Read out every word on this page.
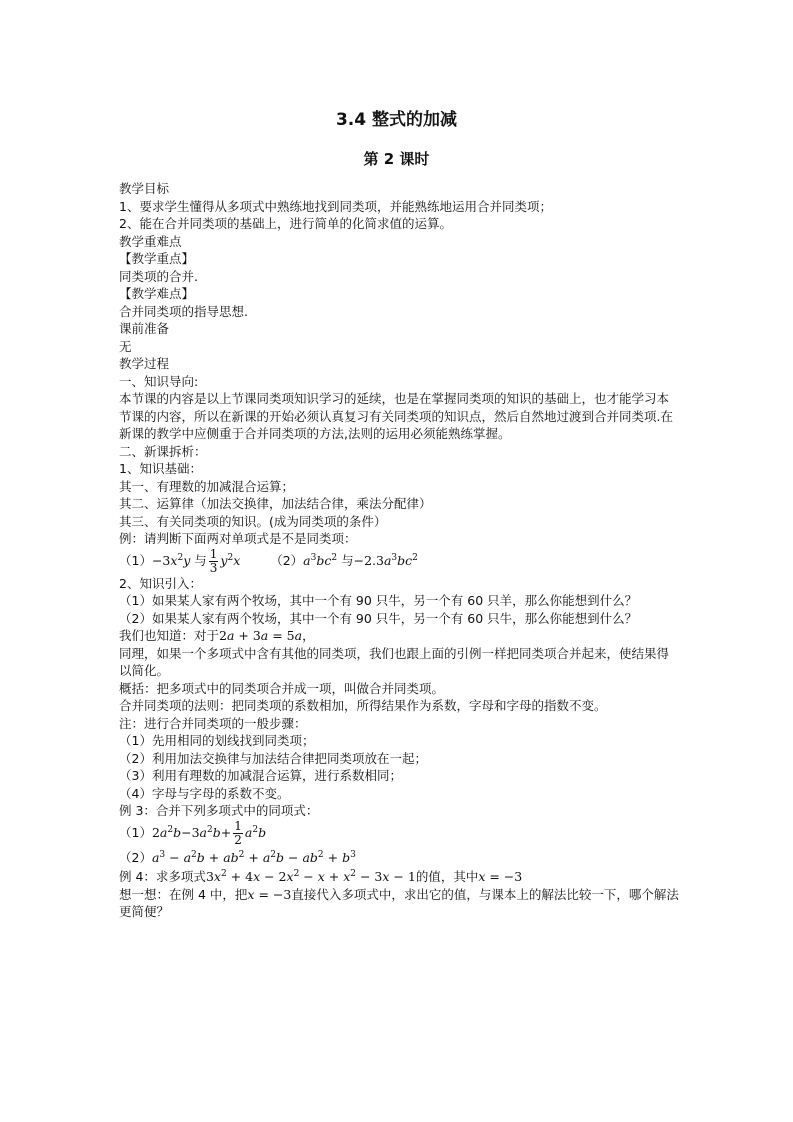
3.4 整式的加减
第 2 课时

教学目标

1、要求学生懂得从多项式中熟练地找到同类项，并能熟练地运用合并同类项；

2、能在合并同类项的基础上，进行简单的化简求值的运算。

教学重难点

【教学重点】

同类项的合并.

【教学难点】

合并同类项的指导思想.

课前准备

无

教学过程

一、知识导向:

本节课的内容是以上节课同类项知识学习的延续，也是在掌握同类项的知识的基础上，也才能学习本节课的内容，所以在新课的开始必须认真复习有关同类项的知识点，然后自然地过渡到合并同类项.在新课的教学中应侧重于合并同类项的方法,法则的运用必须能熟练掌握。

二、新课拆析：

1、知识基础：

其一、有理数的加减混合运算；

其二、运算律（加法交换律，加法结合律，乘法分配律）

其三、有关同类项的知识。(成为同类项的条件）

例：请判断下面两对单项式是不是同类项：

$(1)-3x^2y$ 与 $\frac{1}{3} y^2x$ $(2)a^3bc^2$ 与$-2.3a^3bc^2$

2、知识引入：

（1）如果某人家有两个牧场，其中一个有 90 只牛，另一个有 60 只羊，那么你能想到什么？

（2）如果某人家有两个牧场，其中一个有 90 只牛，另一个有 60 只牛，那么你能想到什么？

我们也知道：对于2a + 3a = 5a，

同理，如果一个多项式中含有其他的同类项，我们也跟上面的引例一样把同类项合并起来，使结果得以简化。

概括：把多项式中的同类项合并成一项，叫做合并同类项。

合并同类项的法则：把同类项的系数相加，所得结果作为系数，字母和字母的指数不变。

注：进行合并同类项的一般步骤：

（1）先用相同的划线找到同类项；

（2）利用加法交换律与加法结合律把同类项放在一起；

（3）利用有理数的加减混合运算，进行系数相同；

（4）字母与字母的系数不变。

例 3：合并下列多项式中的同项式：

$(1)2a^2b-3a^2b+ \frac{1}{2} a^2b$

$(2)a^3 - a^2b + ab^2 + a^2b - ab^2 + b^3$

例 4：求多项式$3x^2 + 4x - 2x^2 - x + x^2 - 3x - 1$的值，其中x = −3

想一想：在例 4 中，把x = −3直接代入多项式中，求出它的值，与课本上的解法比较一下，哪个解法更简便？
